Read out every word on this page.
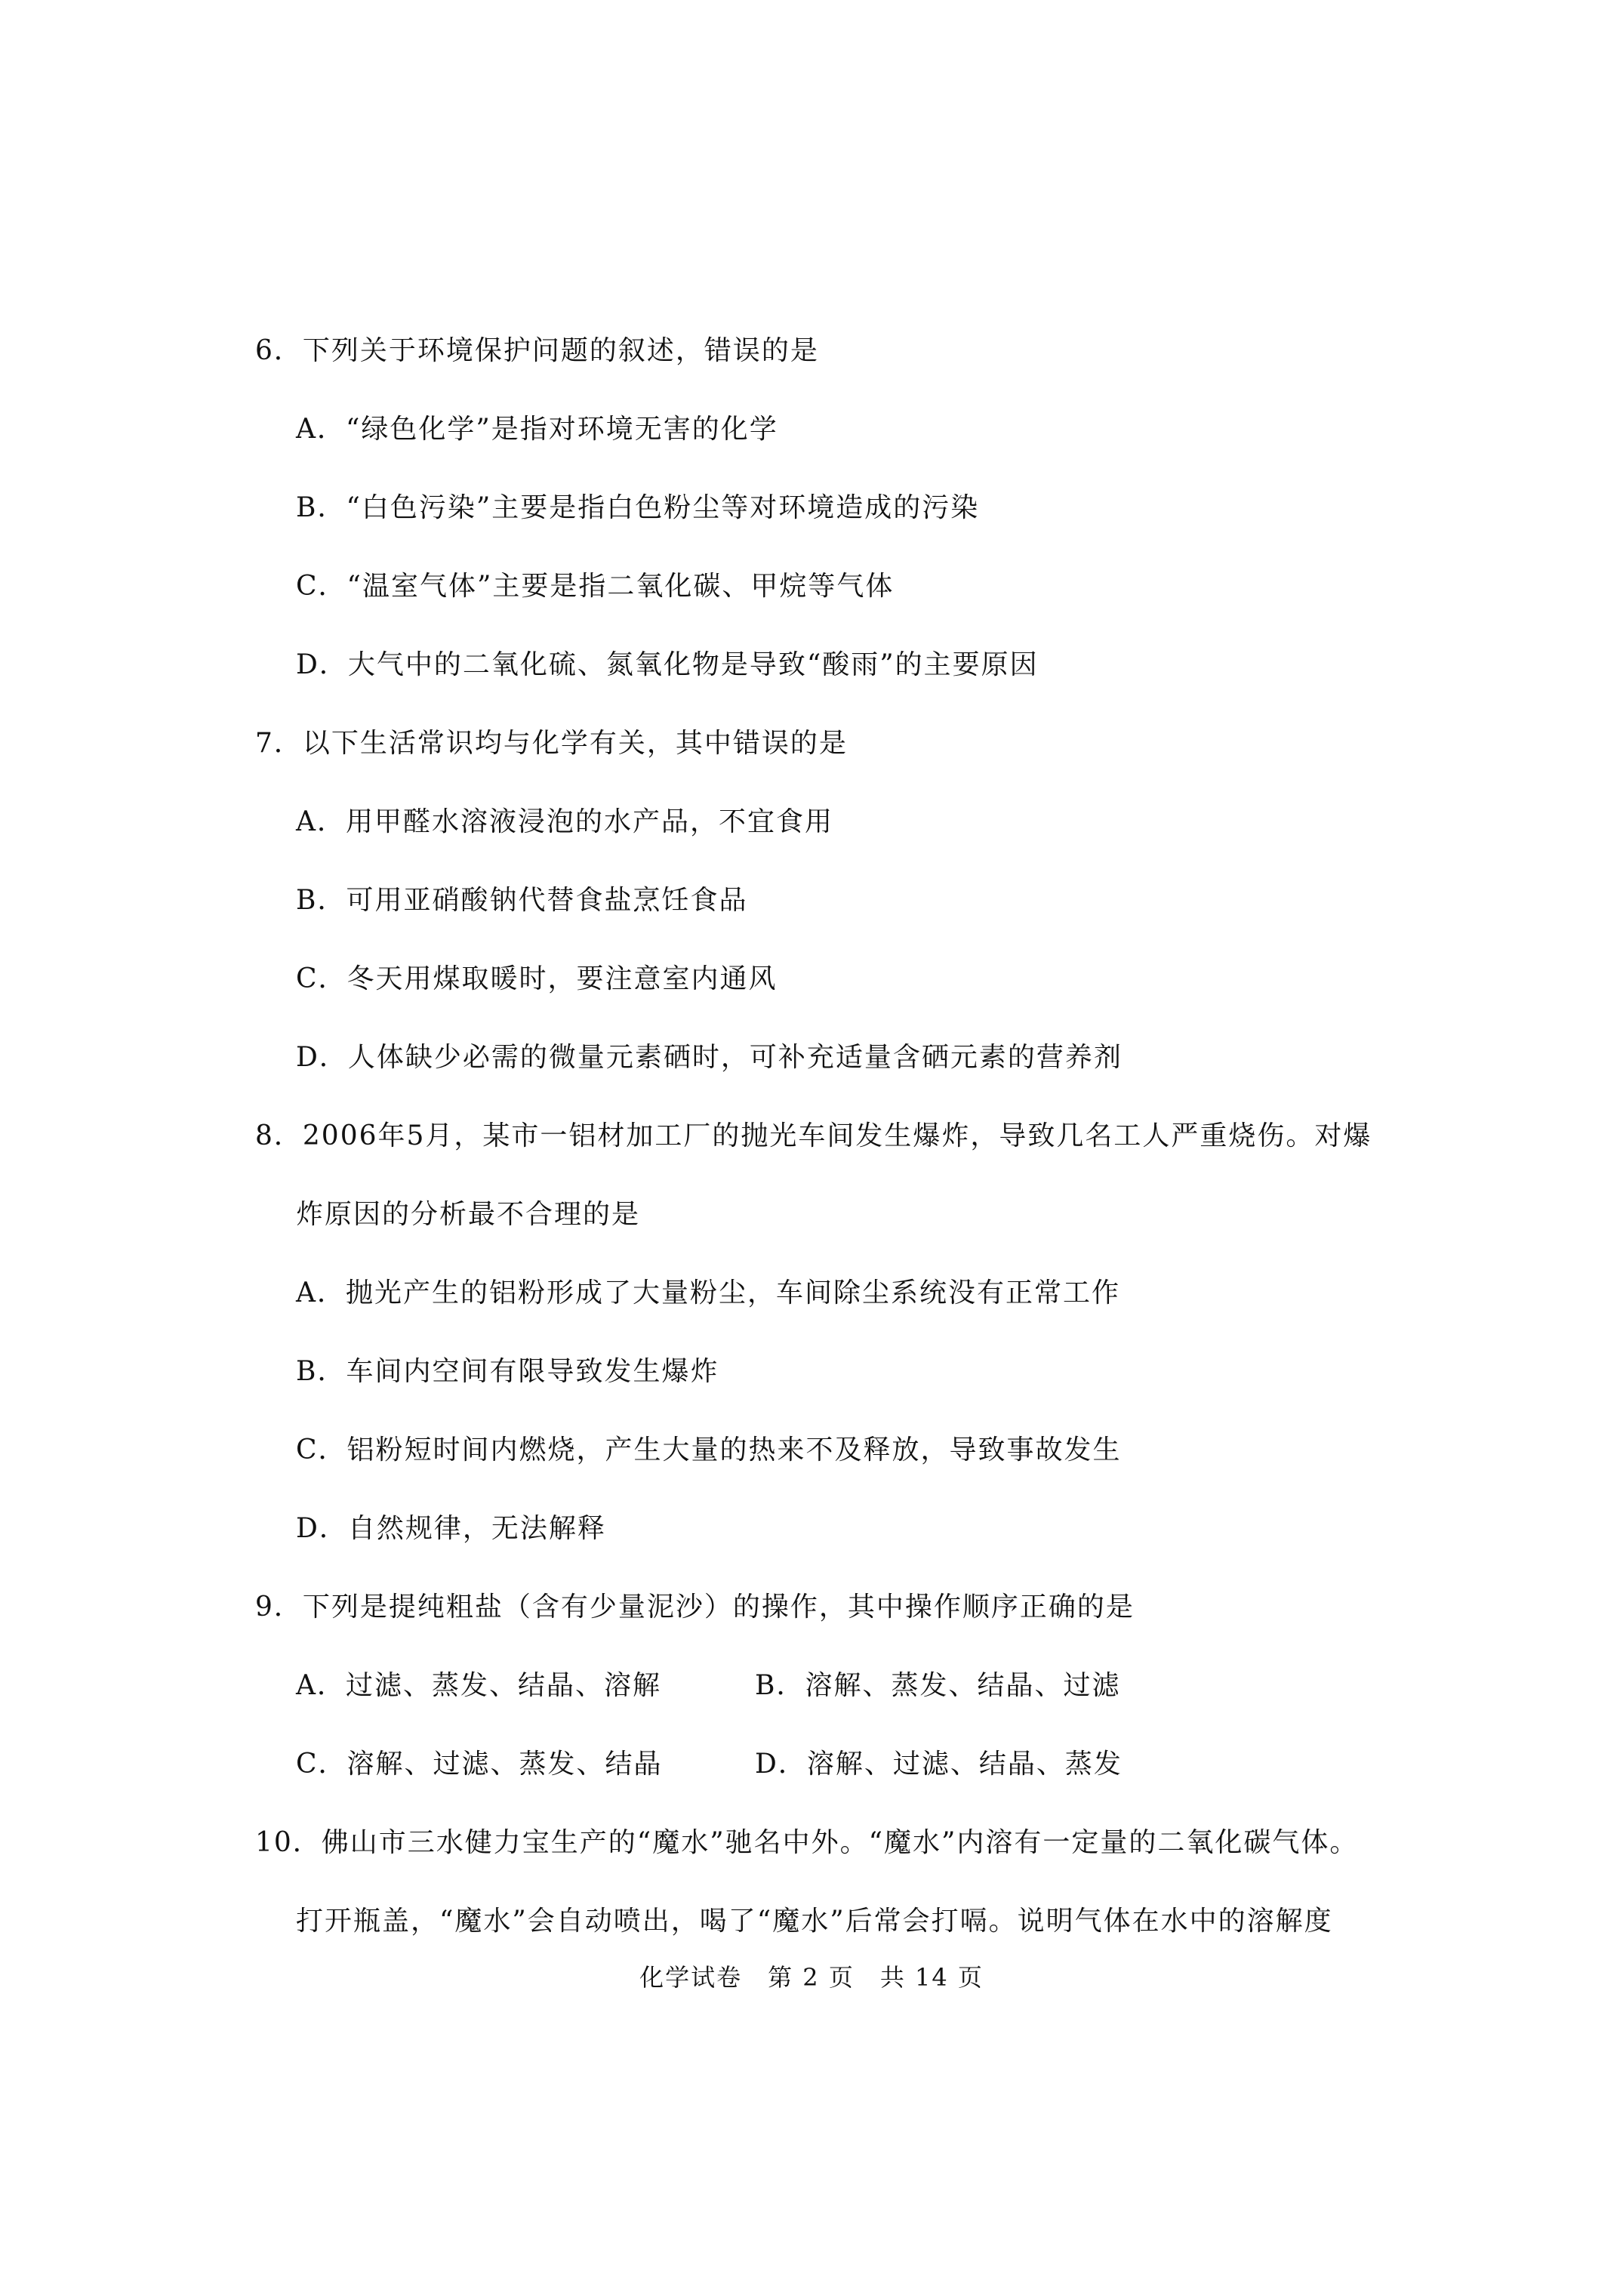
6．下列关于环境保护问题的叙述，错误的是
A．“绿色化学”是指对环境无害的化学
B．“白色污染”主要是指白色粉尘等对环境造成的污染
C．“温室气体”主要是指二氧化碳、甲烷等气体
D．大气中的二氧化硫、氮氧化物是导致“酸雨”的主要原因
7．以下生活常识均与化学有关，其中错误的是
A．用甲醛水溶液浸泡的水产品，不宜食用
B．可用亚硝酸钠代替食盐烹饪食品
C．冬天用煤取暖时，要注意室内通风
D．人体缺少必需的微量元素硒时，可补充适量含硒元素的营养剂
8．2006年5月，某市一铝材加工厂的抛光车间发生爆炸，导致几名工人严重烧伤。对爆
炸原因的分析最不合理的是
A．抛光产生的铝粉形成了大量粉尘，车间除尘系统没有正常工作
B．车间内空间有限导致发生爆炸
C．铝粉短时间内燃烧，产生大量的热来不及释放，导致事故发生
D．自然规律，无法解释
9．下列是提纯粗盐（含有少量泥沙）的操作，其中操作顺序正确的是
A．过滤、蒸发、结晶、溶解	B．溶解、蒸发、结晶、过滤
C．溶解、过滤、蒸发、结晶	D．溶解、过滤、结晶、蒸发
10．佛山市三水健力宝生产的“魔水”驰名中外。“魔水”内溶有一定量的二氧化碳气体。
打开瓶盖，“魔水”会自动喷出，喝了“魔水”后常会打嗝。说明气体在水中的溶解度
化学试卷　第 2 页　共 14 页
